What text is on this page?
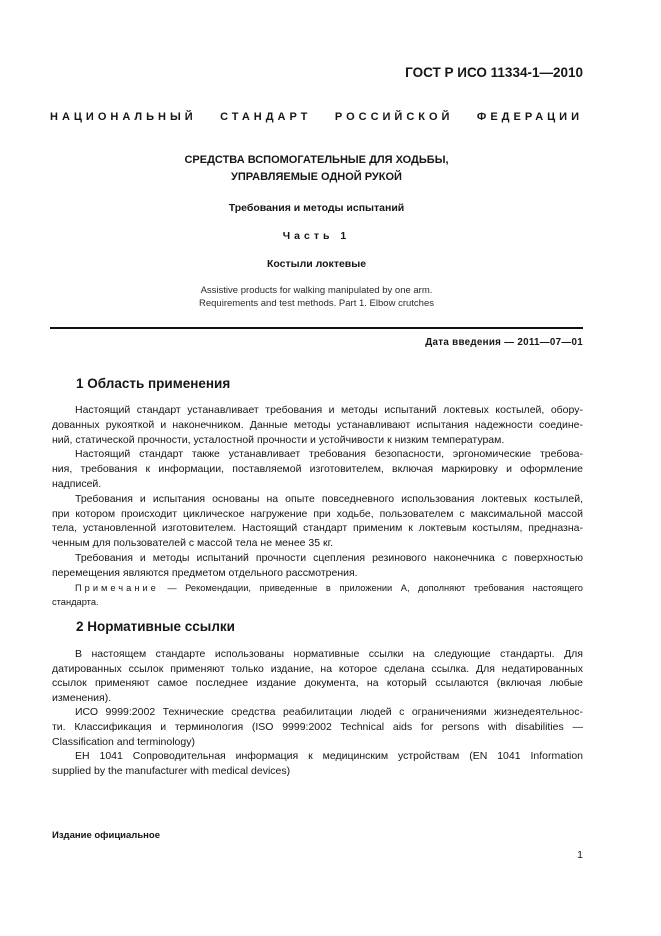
ГОСТ Р ИСО 11334-1—2010
НАЦИОНАЛЬНЫЙ СТАНДАРТ РОССИЙСКОЙ ФЕДЕРАЦИИ
СРЕДСТВА ВСПОМОГАТЕЛЬНЫЕ ДЛЯ ХОДЬБЫ,
УПРАВЛЯЕМЫЕ ОДНОЙ РУКОЙ
Требования и методы испытаний
Часть 1
Костыли локтевые
Assistive products for walking manipulated by one arm.
Requirements and test methods. Part 1. Elbow crutches
Дата введения — 2011—07—01
1 Область применения
Настоящий стандарт устанавливает требования и методы испытаний локтевых костылей, обору-
дованных рукояткой и наконечником. Данные методы устанавливают испытания надежности соедине-
ний, статической прочности, усталостной прочности и устойчивости к низким температурам.
Настоящий стандарт также устанавливает требования безопасности, эргономические требова-
ния, требования к информации, поставляемой изготовителем, включая маркировку и оформление
надписей.
Требования и испытания основаны на опыте повседневного использования локтевых костылей,
при котором происходит циклическое нагружение при ходьбе, пользователем с максимальной массой
тела, установленной изготовителем. Настоящий стандарт применим к локтевым костылям, предназна-
ченным для пользователей с массой тела не менее 35 кг.
Требования и методы испытаний прочности сцепления резинового наконечника с поверхностью
перемещения являются предметом отдельного рассмотрения.
Примечание — Рекомендации, приведенные в приложении А, дополняют требования настоящего
стандарта.
2 Нормативные ссылки
В настоящем стандарте использованы нормативные ссылки на следующие стандарты. Для
датированных ссылок применяют только издание, на которое сделана ссылка. Для недатированных
ссылок применяют самое последнее издание документа, на который ссылаются (включая любые
изменения).
ИСО 9999:2002 Технические средства реабилитации людей с ограничениями жизнедеятельнос-
ти. Классификация и терминология (ISO 9999:2002 Technical aids for persons with disabilities —
Classification and terminology)
ЕН 1041 Сопроводительная информация к медицинским устройствам (EN 1041 Information
supplied by the manufacturer with medical devices)
Издание официальное
1
